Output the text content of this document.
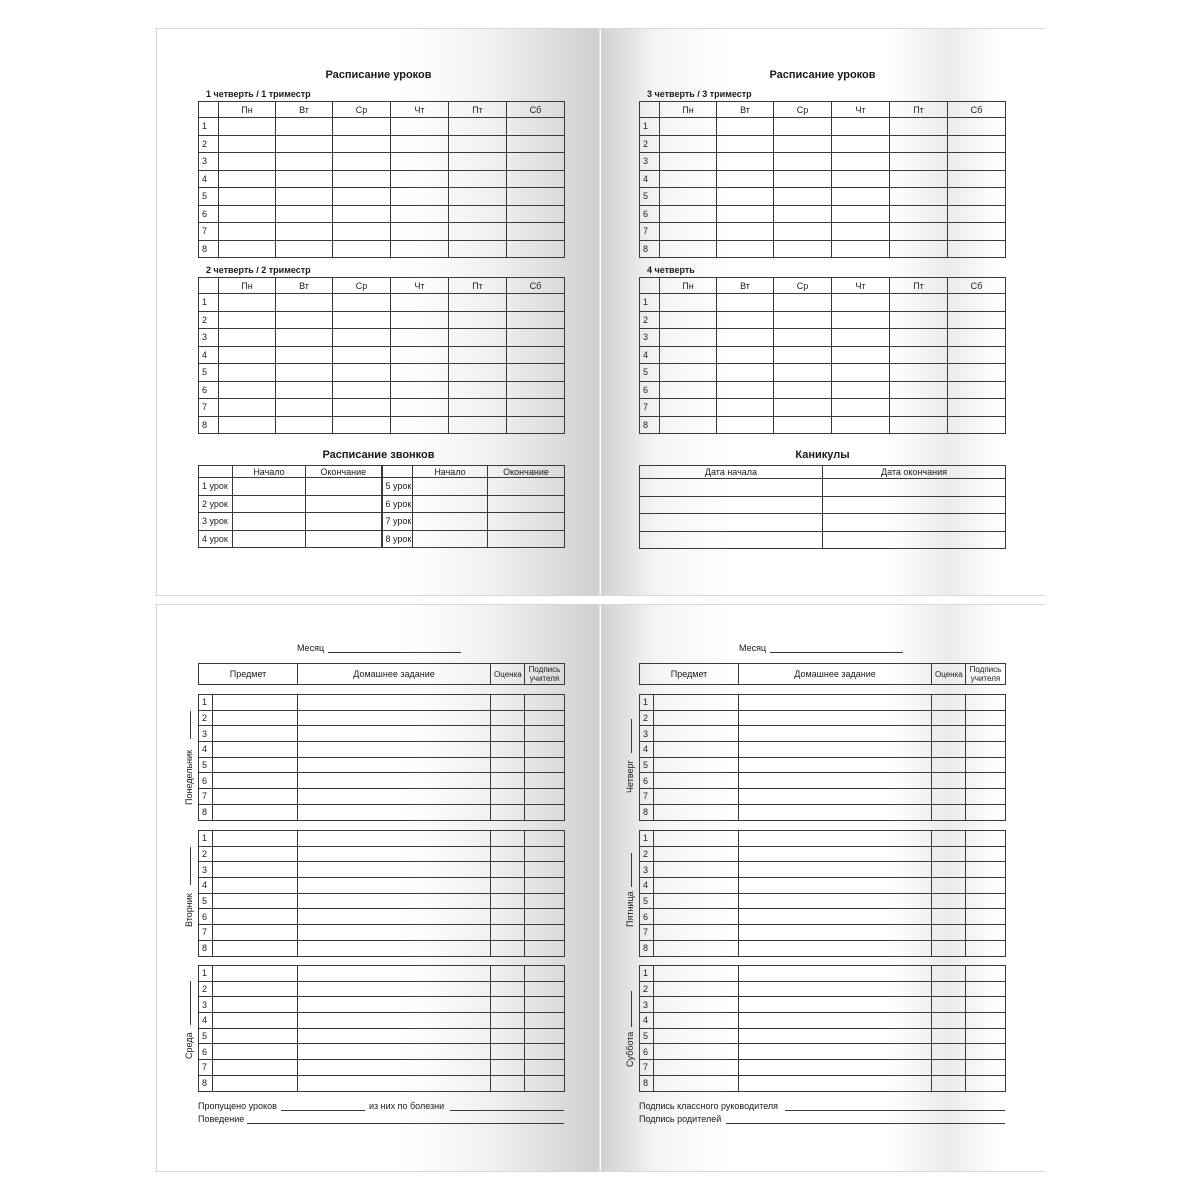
Расписание уроков
1 четверть / 1 триместр
	Пн	Вт	Ср	Чт	Пт	Сб
1						
2						
3						
4						
5						
6						
7						
8						
2 четверть / 2 триместр
	Пн	Вт	Ср	Чт	Пт	Сб
1						
2						
3						
4						
5						
6						
7						
8						
Расписание звонков
	Начало	Окончание		Начало	Окончание
1 урок			5 урок		
2 урок			6 урок		
3 урок			7 урок		
4 урок			8 урок		
Расписание уроков
3 четверть / 3 триместр
	Пн	Вт	Ср	Чт	Пт	Сб
1						
2						
3						
4						
5						
6						
7						
8						
4 четверть
	Пн	Вт	Ср	Чт	Пт	Сб
1						
2						
3						
4						
5						
6						
7						
8						
Каникулы
Дата начала	Дата окончания

Месяц
Предмет	Домашнее задание	Оценка	Подпись
учителя
Понедельник
1				
2				
3				
4				
5				
6				
7				
8				
Вторник
1				
2				
3				
4				
5				
6				
7				
8				
Среда
1				
2				
3				
4				
5				
6				
7				
8				
Пропущено уроков	из них по болезни
Поведение
Месяц
Предмет	Домашнее задание	Оценка	Подпись
учителя
Четверг
1				
2				
3				
4				
5				
6				
7				
8				
Пятница
1				
2				
3				
4				
5				
6				
7				
8				
Суббота
1				
2				
3				
4				
5				
6				
7				
8				
Подпись классного руководителя
Подпись родителей
